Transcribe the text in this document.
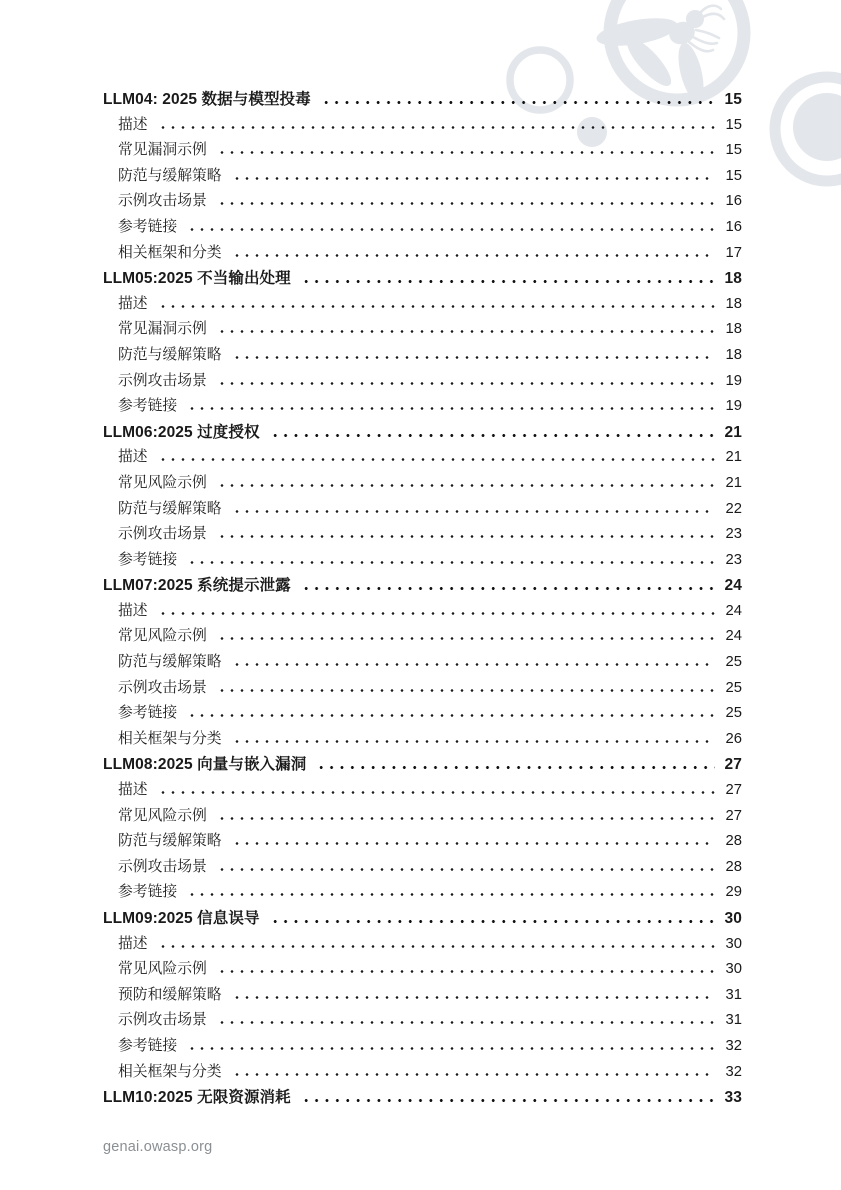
LLM04: 2025 数据与模型投毒	15
描述	15
常见漏洞示例	15
防范与缓解策略	15
示例攻击场景	16
参考链接	16
相关框架和分类	17
LLM05:2025 不当输出处理	18
描述	18
常见漏洞示例	18
防范与缓解策略	18
示例攻击场景	19
参考链接	19
LLM06:2025 过度授权	21
描述	21
常见风险示例	21
防范与缓解策略	22
示例攻击场景	23
参考链接	23
LLM07:2025 系统提示泄露	24
描述	24
常见风险示例	24
防范与缓解策略	25
示例攻击场景	25
参考链接	25
相关框架与分类	26
LLM08:2025 向量与嵌入漏洞	27
描述	27
常见风险示例	27
防范与缓解策略	28
示例攻击场景	28
参考链接	29
LLM09:2025 信息误导	30
描述	30
常见风险示例	30
预防和缓解策略	31
示例攻击场景	31
参考链接	32
相关框架与分类	32
LLM10:2025 无限资源消耗	33
genai.owasp.org
